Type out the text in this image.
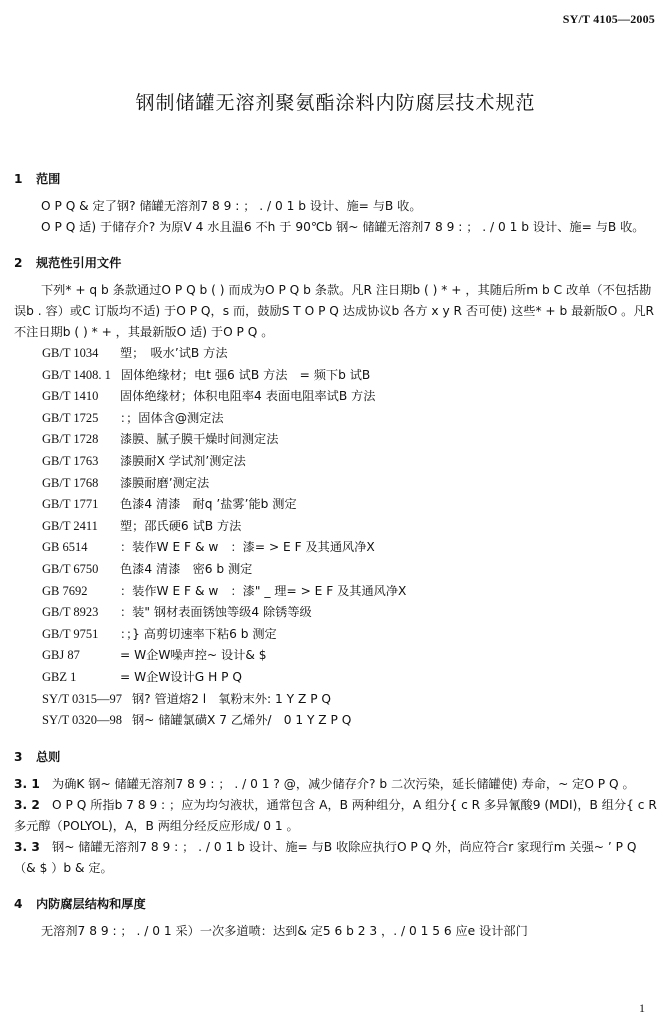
SY/T 4105—2005
钢制储罐无溶剂聚氨酯涂料内防腐层技术规范
1 范围

O P Q & 定了钢? 储罐无溶剂7 8 9 : ； . / 0 1 b 设计、施= 与B 收。

O P Q 适) 于储存介? 为原V 4 水且温6 不h 于 90℃b 钢~ 储罐无溶剂7 8 9 : ； . / 0 1 b 设计、施= 与B 收。

2 规范性引用文件

下列* + q b 条款通过O P Q b ( ) 而成为O P Q b 条款。凡R 注日期b ( ) * + ，其随后所m b C 改单（不包括勘误b . 容）或C 订版均不适) 于O P Q，s 而，鼓励S T O P Q 达成协议b 各方 x y R 否可使) 这些* + b 最新版O 。凡R 不注日期b ( ) * + ，其最新版O 适) 于O P Q 。

GB/T 1034 塑；　吸水’试B 方法
GB/T 1408. 1 固体绝缘材；电t 强6 试B 方法　= 频下b 试B
GB/T 1410 固体绝缘材；体积电阻率4 表面电阻率试B 方法
GB/T 1725 ：；固体含@测定法
GB/T 1728 漆膜、腻子膜干燥时间测定法
GB/T 1763 漆膜耐X 学试剂’测定法
GB/T 1768 漆膜耐磨’测定法
GB/T 1771 色漆4 清漆　耐q ’盐雾’能b 测定
GB/T 2411 塑；邵氏硬6 试B 方法
GB 6514	：装作W E F & w　：漆= > E F 及其通风净X
GB/T 6750 色漆4 清漆　密6 b 测定
GB 7692	：装作W E F & w　：漆" _ 理= > E F 及其通风净X
GB/T 8923 ：装" 钢材表面锈蚀等级4 除锈等级
GB/T 9751 ：；} 高剪切速率下粘6 b 测定
GBJ 87	= W企W噪声控~ 设计& $
GBZ 1	= W企W设计G H P Q
SY/T 0315—97 钢? 管道熔2 l　氧粉末外: 1 Y Z P Q
SY/T 0320—98 钢~ 储罐氯磺X 7 乙烯外/　0 1 Y Z P Q
3 总则

3. 1　 为确K 钢~ 储罐无溶剂7 8 9 : ； . / 0 1 ? @，减少储存介? b 二次污染，延长储罐使) 寿命，~ 定O P Q 。

3. 2　 O P Q 所指b 7 8 9 : ；应为均匀液状，通常包含 A，B 两种组分，A 组分{ c R 多异氰酸9 (MDI)，B 组分{ c R 多元醇（POLYOL)，A，B 两组分经反应形成/ 0 1 。

3. 3　 钢~ 储罐无溶剂7 8 9 : ； . / 0 1 b 设计、施= 与B 收除应执行O P Q 外，尚应符合r 家现行m 关强~ ’ P Q（& $ ）b & 定。

4 内防腐层结构和厚度

无溶剂7 8 9 : ； . / 0 1 采）一次多道喷：达到& 定5 6 b 2 3 ，. / 0 1 5 6 应e 设计部门

1
